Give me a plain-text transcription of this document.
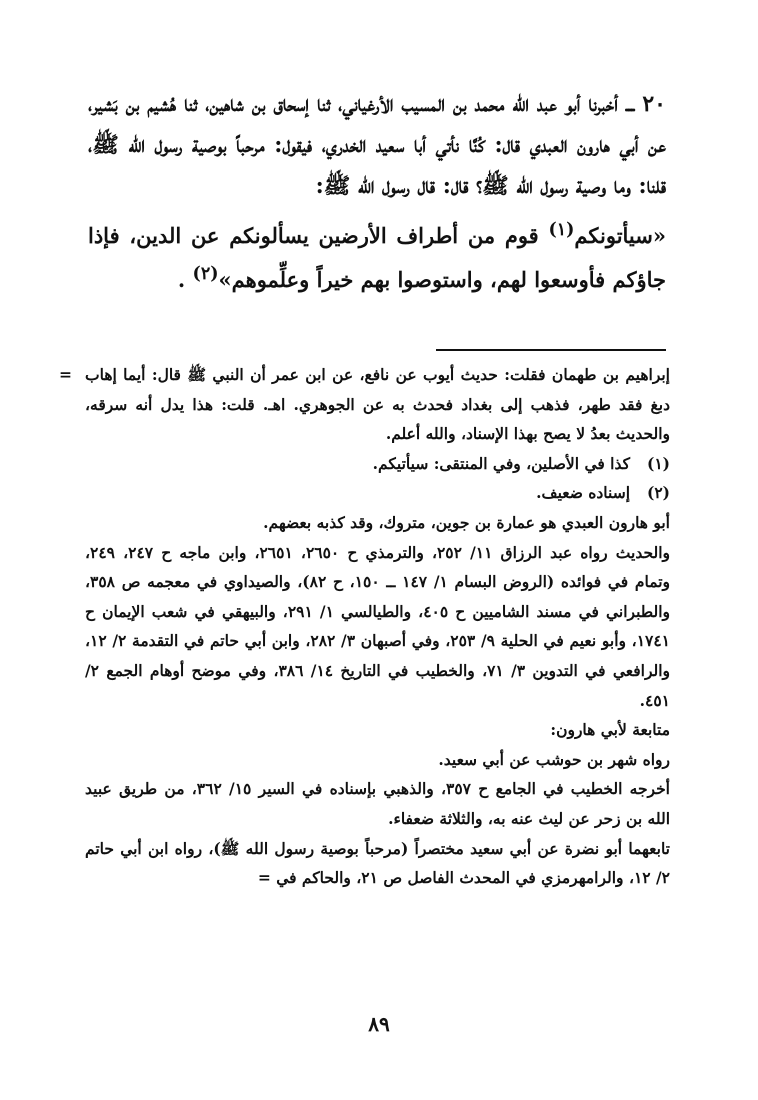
٢٠ ـــ أخبرنا أبو عبد الله محمد بن المسيب الأرغياني، ثنا إسحاق بن شاهين، ثنا هُشيم بن بَشير، عن أبي هارون العبدي قال: كُنَّا نأتي أبا سعيد الخدري، فيقول: مرحباً بوصية رسول الله ﷺ، قلنا: وما وصية رسول الله ﷺ؟ قال: قال رسول الله ﷺ:

«سيأتونكم$^{(١)}$ قوم من أطراف الأرضين يسألونكم عن الدين، فإذا جاؤكم فأوسعوا لهم، واستوصوا بهم خيراً وعلِّموهم»$^{(٢)}$ .

= إبراهيم بن طهمان فقلت: حديث أيوب عن نافع، عن ابن عمر أن النبي ﷺ قال: أيما إهاب دبغ فقد طهر، فذهب إلى بغداد فحدث به عن الجوهري. اهـ. قلت: هذا يدل أنه سرقه، والحديث بعدُ لا يصح بهذا الإسناد، والله أعلم.

(١)
كذا في الأصلين، وفي المنتقى: سيأتيكم.
(٢)
إسناده ضعيف.

أبو هارون العبدي هو عمارة بن جوين، متروك، وقد كذبه بعضهم.

والحديث رواه عبد الرزاق ١١/ ٢٥٢، والترمذي ح ٢٦٥٠، ٢٦٥١، وابن ماجه ح ٢٤٧، ٢٤٩، وتمام في فوائده (الروض البسام ١/ ١٤٧ ــ ١٥٠، ح ٨٢)، والصيداوي في معجمه ص ٣٥٨، والطبراني في مسند الشاميين ح ٤٠٥، والطيالسي ١/ ٢٩١، والبيهقي في شعب الإيمان ح ١٧٤١، وأبو نعيم في الحلية ٩/ ٢٥٣، وفي أصبهان ٣/ ٢٨٢، وابن أبي حاتم في التقدمة ٢/ ١٢، والرافعي في التدوين ٣/ ٧١، والخطيب في التاريخ ١٤/ ٣٨٦، وفي موضح أوهام الجمع ٢/ ٤٥١.

متابعة لأبي هارون:

رواه شهر بن حوشب عن أبي سعيد.

أخرجه الخطيب في الجامع ح ٣٥٧، والذهبي بإسناده في السير ١٥/ ٣٦٢، من طريق عبيد الله بن زحر عن ليث عنه به، والثلاثة ضعفاء.

تابعهما أبو نضرة عن أبي سعيد مختصراً (مرحباً بوصية رسول الله ﷺ)، رواه ابن أبي حاتم ٢/ ١٢، والرامهرمزي في المحدث الفاصل ص ٢١، والحاكم في =

٨٩
